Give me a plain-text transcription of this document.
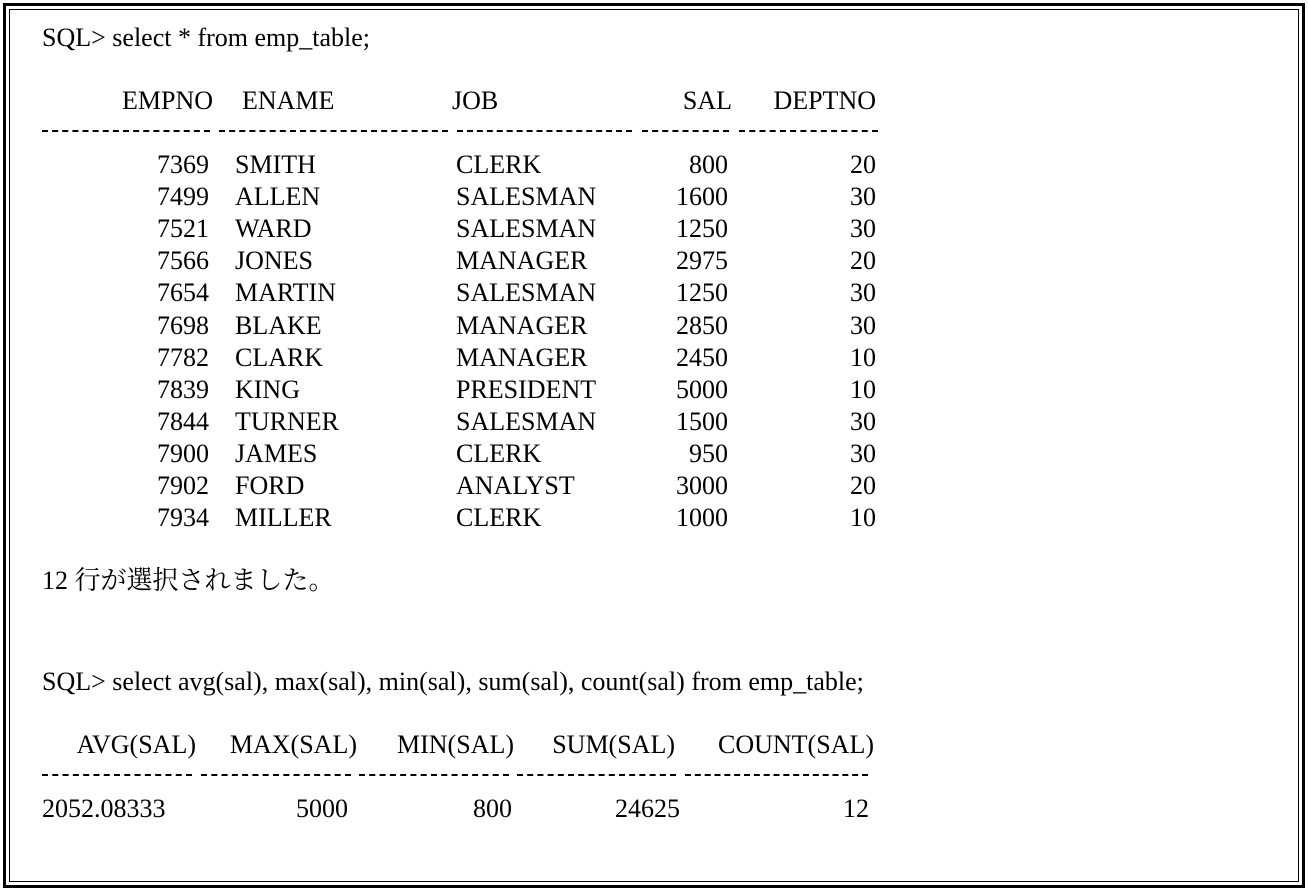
SQL> select * from emp_table;
EMPNO ENAME	JOB	SAL	DEPTNO
7369 SMITH	CLERK	800	20
7499 ALLEN	SALESMAN	1600	30
7521 WARD	SALESMAN	1250	30
7566 JONES	MANAGER	2975	20
7654 MARTIN	SALESMAN	1250	30
7698 BLAKE	MANAGER	2850	30
7782 CLARK	MANAGER	2450	10
7839 KING	PRESIDENT	5000	10
7844 TURNER	SALESMAN	1500	30
7900 JAMES	CLERK	950	30
7902 FORD	ANALYST	3000	20
7934 MILLER	CLERK	1000	10
12 行が選択されました。
SQL> select avg(sal), max(sal), min(sal), sum(sal), count(sal) from emp_table;
AVG(SAL)	MAX(SAL)	MIN(SAL)	SUM(SAL)	COUNT(SAL)
2052.08333	5000	800	24625	12
